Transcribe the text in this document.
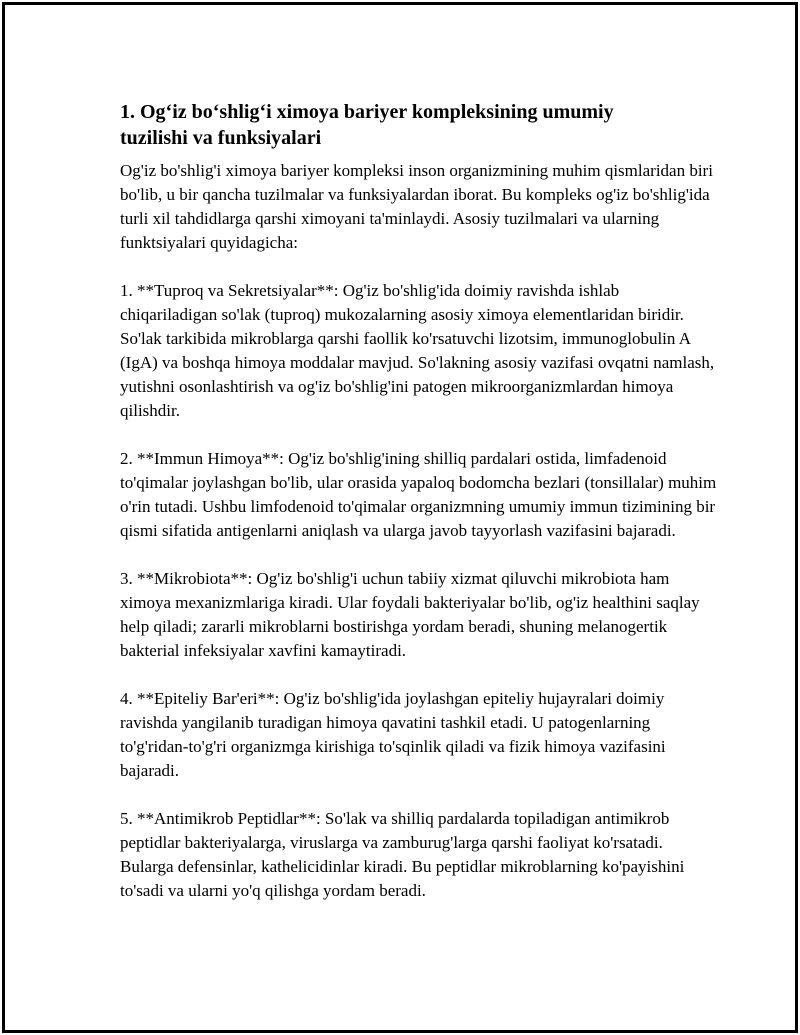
1. Og‘iz bo‘shlig‘i ximoya bariyer kompleksining umumiy tuzilishi va funksiyalari

Og'iz bo'shlig'i ximoya bariyer kompleksi inson organizmining muhim qismlaridan biri bo'lib, u bir qancha tuzilmalar va funksiyalardan iborat. Bu kompleks og'iz bo'shlig'ida turli xil tahdidlarga qarshi ximoyani ta'minlaydi. Asosiy tuzilmalari va ularning funktsiyalari quyidagicha:

1. **Tuproq va Sekretsiyalar**: Og'iz bo'shlig'ida doimiy ravishda ishlab chiqariladigan so'lak (tuproq) mukozalarning asosiy ximoya elementlaridan biridir. So'lak tarkibida mikroblarga qarshi faollik ko'rsatuvchi lizotsim, immunoglobulin A (IgA) va boshqa himoya moddalar mavjud. So'lakning asosiy vazifasi ovqatni namlash, yutishni osonlashtirish va og'iz bo'shlig'ini patogen mikroorganizmlardan himoya qilishdir.

2. **Immun Himoya**: Og'iz bo'shlig'ining shilliq pardalari ostida, limfadenoid to'qimalar joylashgan bo'lib, ular orasida yapaloq bodomcha bezlari (tonsillalar) muhim o'rin tutadi. Ushbu limfodenoid to'qimalar organizmning umumiy immun tizimining bir qismi sifatida antigenlarni aniqlash va ularga javob tayyorlash vazifasini bajaradi.

3. **Mikrobiota**: Og'iz bo'shlig'i uchun tabiiy xizmat qiluvchi mikrobiota ham ximoya mexanizmlariga kiradi. Ular foydali bakteriyalar bo'lib, og'iz healthini saqlay help qiladi; zararli mikroblarni bostirishga yordam beradi, shuning melanogertik bakterial infeksiyalar xavfini kamaytiradi.

4. **Epiteliy Bar'eri**: Og'iz bo'shlig'ida joylashgan epiteliy hujayralari doimiy ravishda yangilanib turadigan himoya qavatini tashkil etadi. U patogenlarning to'g'ridan-to'g'ri organizmga kirishiga to'sqinlik qiladi va fizik himoya vazifasini bajaradi.

5. **Antimikrob Peptidlar**: So'lak va shilliq pardalarda topiladigan antimikrob peptidlar bakteriyalarga, viruslarga va zamburug'larga qarshi faoliyat ko'rsatadi. Bularga defensinlar, kathelicidinlar kiradi. Bu peptidlar mikroblarning ko'payishini to'sadi va ularni yo'q qilishga yordam beradi.
